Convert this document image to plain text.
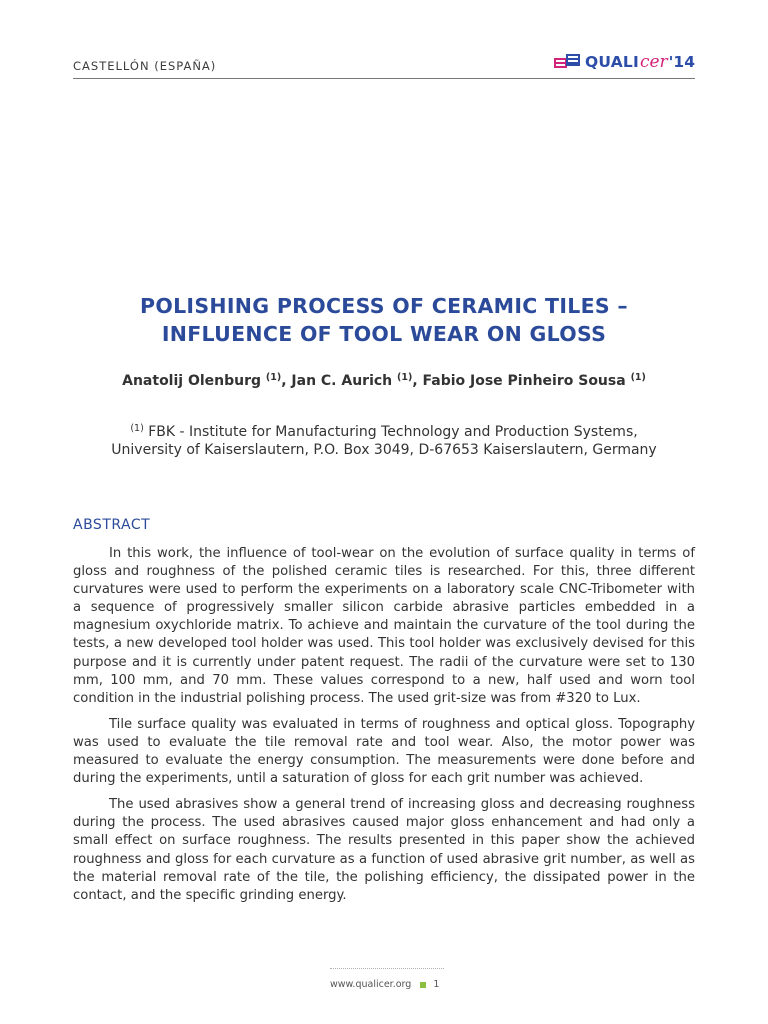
CASTELLÓN (ESPAÑA)	QUALI cer '14
POLISHING PROCESS OF CERAMIC TILES –
INFLUENCE OF TOOL WEAR ON GLOSS
Anatolij Olenburg $^{(1)}$, Jan C. Aurich $^{(1)}$, Fabio Jose Pinheiro Sousa $^{(1)}$
$^{(1)}$ FBK - Institute for Manufacturing Technology and Production Systems,
University of Kaiserslautern, P.O. Box 3049, D-67653 Kaiserslautern, Germany
ABSTRACT

In this work, the influence of tool-wear on the evolution of surface quality in terms of gloss and roughness of the polished ceramic tiles is researched. For this, three different curvatures were used to perform the experiments on a laboratory scale CNC-Tribometer with a sequence of progressively smaller silicon carbide abrasive particles embedded in a magnesium oxychloride matrix. To achieve and maintain the curvature of the tool during the tests, a new developed tool holder was used. This tool holder was exclusively devised for this purpose and it is currently under patent request. The radii of the curvature were set to 130 mm, 100 mm, and 70 mm. These values correspond to a new, half used and worn tool condition in the industrial polishing process. The used grit-size was from #320 to Lux.

Tile surface quality was evaluated in terms of roughness and optical gloss. Topography was used to evaluate the tile removal rate and tool wear. Also, the motor power was measured to evaluate the energy consumption. The measurements were done before and during the experiments, until a saturation of gloss for each grit number was achieved.

The used abrasives show a general trend of increasing gloss and decreasing roughness during the process. The used abrasives caused major gloss enhancement and had only a small effect on surface roughness. The results presented in this paper show the achieved roughness and gloss for each curvature as a function of used abrasive grit number, as well as the material removal rate of the tile, the polishing efficiency, the dissipated power in the contact, and the specific grinding energy.

www.qualicer.org 1
